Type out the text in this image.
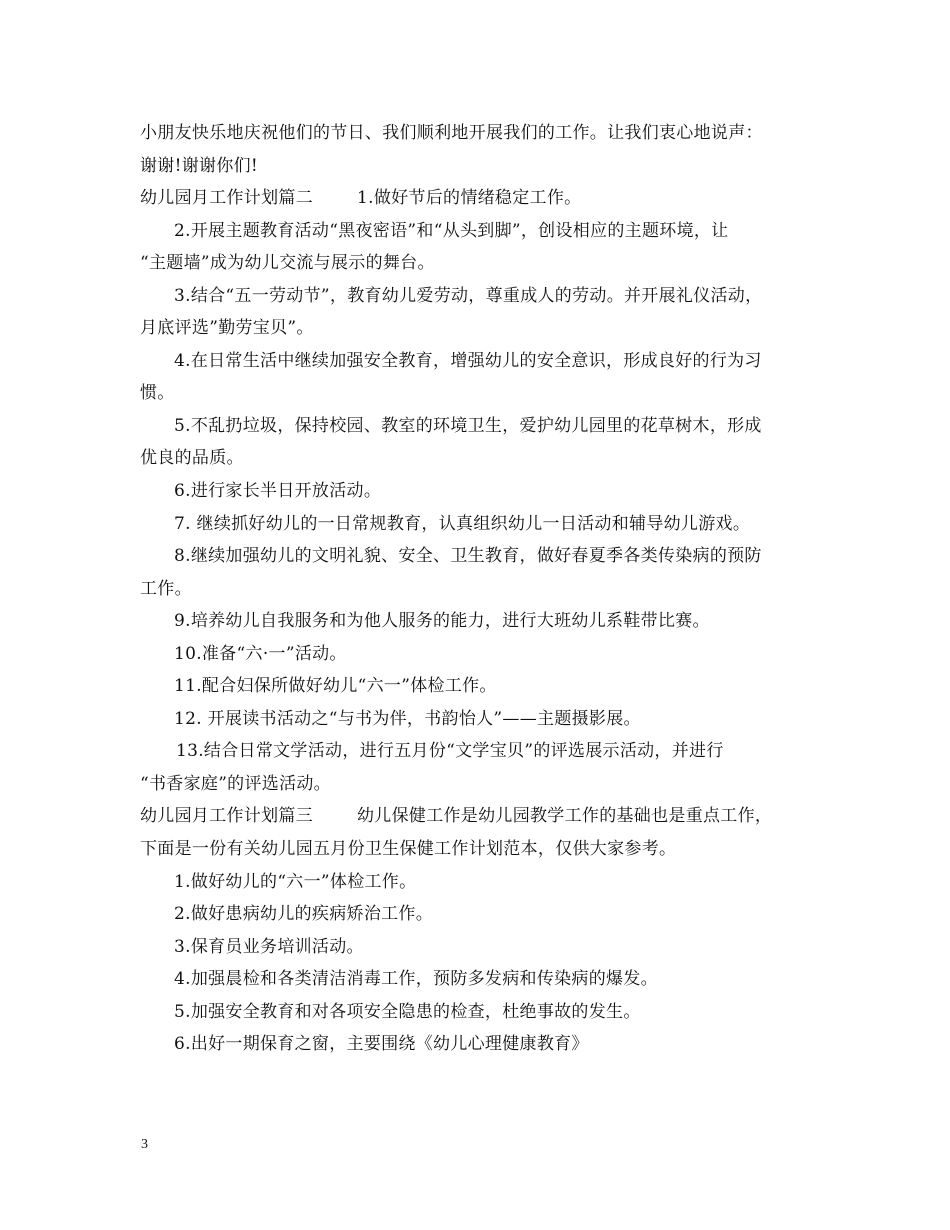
小朋友快乐地庆祝他们的节日、我们顺利地开展我们的工作。让我们衷心地说声：
谢谢!谢谢你们!
幼儿园月工作计划篇二	1.做好节后的情绪稳定工作。
2.开展主题教育活动“黑夜密语”和“从头到脚”，创设相应的主题环境，让
“主题墙”成为幼儿交流与展示的舞台。
3.结合“五一劳动节”，教育幼儿爱劳动，尊重成人的劳动。并开展礼仪活动，
月底评选”勤劳宝贝”。
4.在日常生活中继续加强安全教育，增强幼儿的安全意识，形成良好的行为习
惯。
5.不乱扔垃圾，保持校园、教室的环境卫生，爱护幼儿园里的花草树木，形成
优良的品质。
6.进行家长半日开放活动。
7. 继续抓好幼儿的一日常规教育，认真组织幼儿一日活动和辅导幼儿游戏。
8.继续加强幼儿的文明礼貌、安全、卫生教育，做好春夏季各类传染病的预防
工作。
9.培养幼儿自我服务和为他人服务的能力，进行大班幼儿系鞋带比赛。
10.准备“六·一”活动。
11.配合妇保所做好幼儿“六一”体检工作。
12. 开展读书活动之“与书为伴，书韵怡人”——主题摄影展。
13.结合日常文学活动，进行五月份“文学宝贝”的评选展示活动，并进行
“书香家庭”的评选活动。
幼儿园月工作计划篇三	幼儿保健工作是幼儿园教学工作的基础也是重点工作，
下面是一份有关幼儿园五月份卫生保健工作计划范本，仅供大家参考。
1.做好幼儿的“六一”体检工作。
2.做好患病幼儿的疾病矫治工作。
3.保育员业务培训活动。
4.加强晨检和各类清洁消毒工作，预防多发病和传染病的爆发。
5.加强安全教育和对各项安全隐患的检查，杜绝事故的发生。
6.出好一期保育之窗，主要围绕《幼儿心理健康教育》
3
